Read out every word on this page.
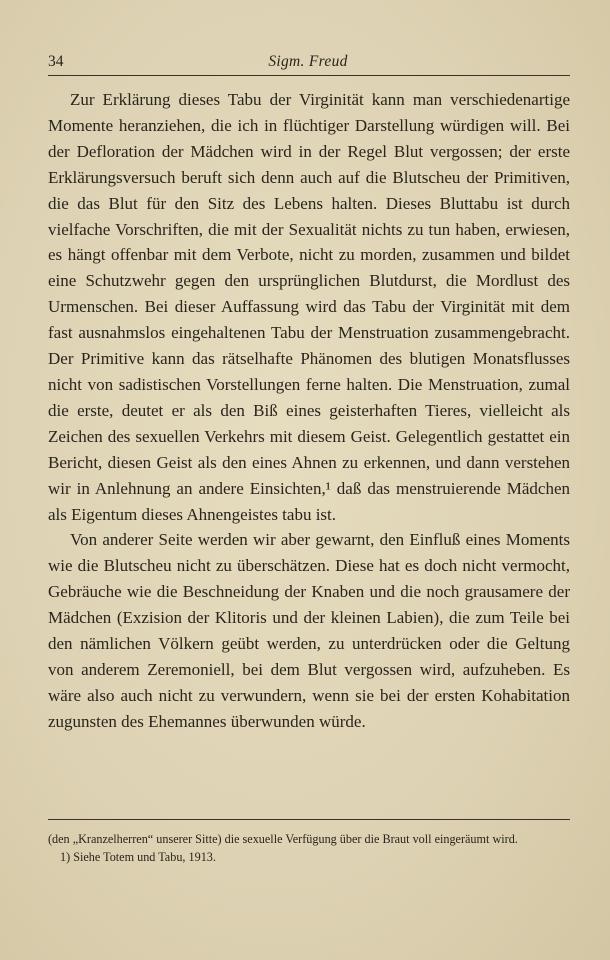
34	Sigm. Freud

Zur Erklärung dieses Tabu der Virginität kann man verschiedenartige Momente heranziehen, die ich in flüchtiger Darstellung würdigen will. Bei der Defloration der Mädchen wird in der Regel Blut vergossen; der erste Erklärungsversuch beruft sich denn auch auf die Blutscheu der Primitiven, die das Blut für den Sitz des Lebens halten. Dieses Bluttabu ist durch vielfache Vorschriften, die mit der Sexualität nichts zu tun haben, erwiesen, es hängt offenbar mit dem Verbote, nicht zu morden, zusammen und bildet eine Schutzwehr gegen den ursprünglichen Blutdurst, die Mordlust des Urmenschen. Bei dieser Auffassung wird das Tabu der Virginität mit dem fast ausnahmslos eingehaltenen Tabu der Menstruation zusammengebracht. Der Primitive kann das rätselhafte Phänomen des blutigen Monatsflusses nicht von sadistischen Vorstellungen ferne halten. Die Menstruation, zumal die erste, deutet er als den Biß eines geisterhaften Tieres, vielleicht als Zeichen des sexuellen Verkehrs mit diesem Geist. Gelegentlich gestattet ein Bericht, diesen Geist als den eines Ahnen zu erkennen, und dann verstehen wir in Anlehnung an andere Einsichten,¹ daß das menstruierende Mädchen als Eigentum dieses Ahnengeistes tabu ist.

Von anderer Seite werden wir aber gewarnt, den Einfluß eines Moments wie die Blutscheu nicht zu überschätzen. Diese hat es doch nicht vermocht, Gebräuche wie die Beschneidung der Knaben und die noch grausamere der Mädchen (Exzision der Klitoris und der kleinen Labien), die zum Teile bei den nämlichen Völkern geübt werden, zu unterdrücken oder die Geltung von anderem Zeremoniell, bei dem Blut vergossen wird, aufzuheben. Es wäre also auch nicht zu verwundern, wenn sie bei der ersten Kohabitation zugunsten des Ehemannes überwunden würde.

(den „Kranzelherren“ unserer Sitte) die sexuelle Verfügung über die Braut voll eingeräumt wird.

1) Siehe Totem und Tabu, 1913.
